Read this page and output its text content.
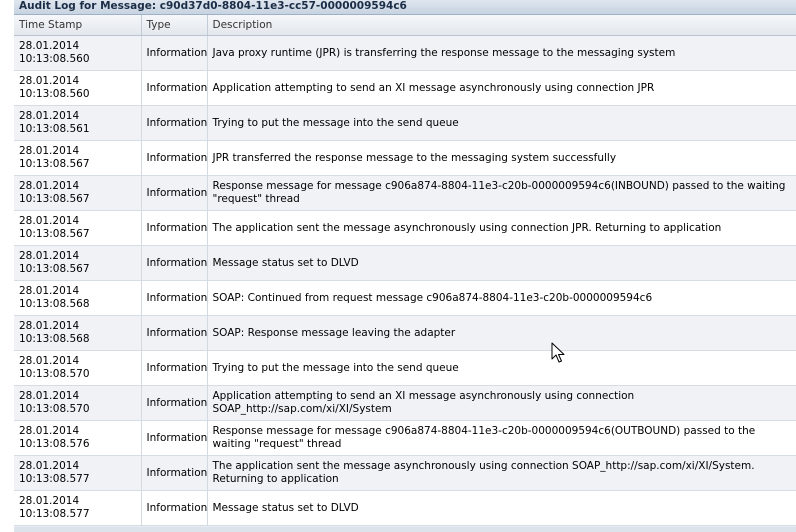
Audit Log for Message: c90d37d0-8804-11e3-cc57-0000009594c6
Time Stamp	Type	Description

28.01.2014
10:13:08.560	Information	Java proxy runtime (JPR) is transferring the response message to the messaging system

28.01.2014
10:13:08.560	Information	Application attempting to send an XI message asynchronously using connection JPR

28.01.2014
10:13:08.561	Information	Trying to put the message into the send queue

28.01.2014
10:13:08.567	Information	JPR transferred the response message to the messaging system successfully

28.01.2014
10:13:08.567	Information	Response message for message c906a874-8804-11e3-c20b-0000009594c6(INBOUND) passed to the waiting "request" thread

28.01.2014
10:13:08.567	Information	The application sent the message asynchronously using connection JPR. Returning to application

28.01.2014
10:13:08.567	Information	Message status set to DLVD

28.01.2014
10:13:08.568	Information	SOAP: Continued from request message c906a874-8804-11e3-c20b-0000009594c6

28.01.2014
10:13:08.568	Information	SOAP: Response message leaving the adapter

28.01.2014
10:13:08.570	Information	Trying to put the message into the send queue

28.01.2014
10:13:08.570	Information	Application attempting to send an XI message asynchronously using connection SOAP_http://sap.com/xi/XI/System

28.01.2014
10:13:08.576	Information	Response message for message c906a874-8804-11e3-c20b-0000009594c6(OUTBOUND) passed to the waiting "request" thread

28.01.2014
10:13:08.577	Information	The application sent the message asynchronously using connection SOAP_http://sap.com/xi/XI/System. Returning to application

28.01.2014
10:13:08.577	Information	Message status set to DLVD
